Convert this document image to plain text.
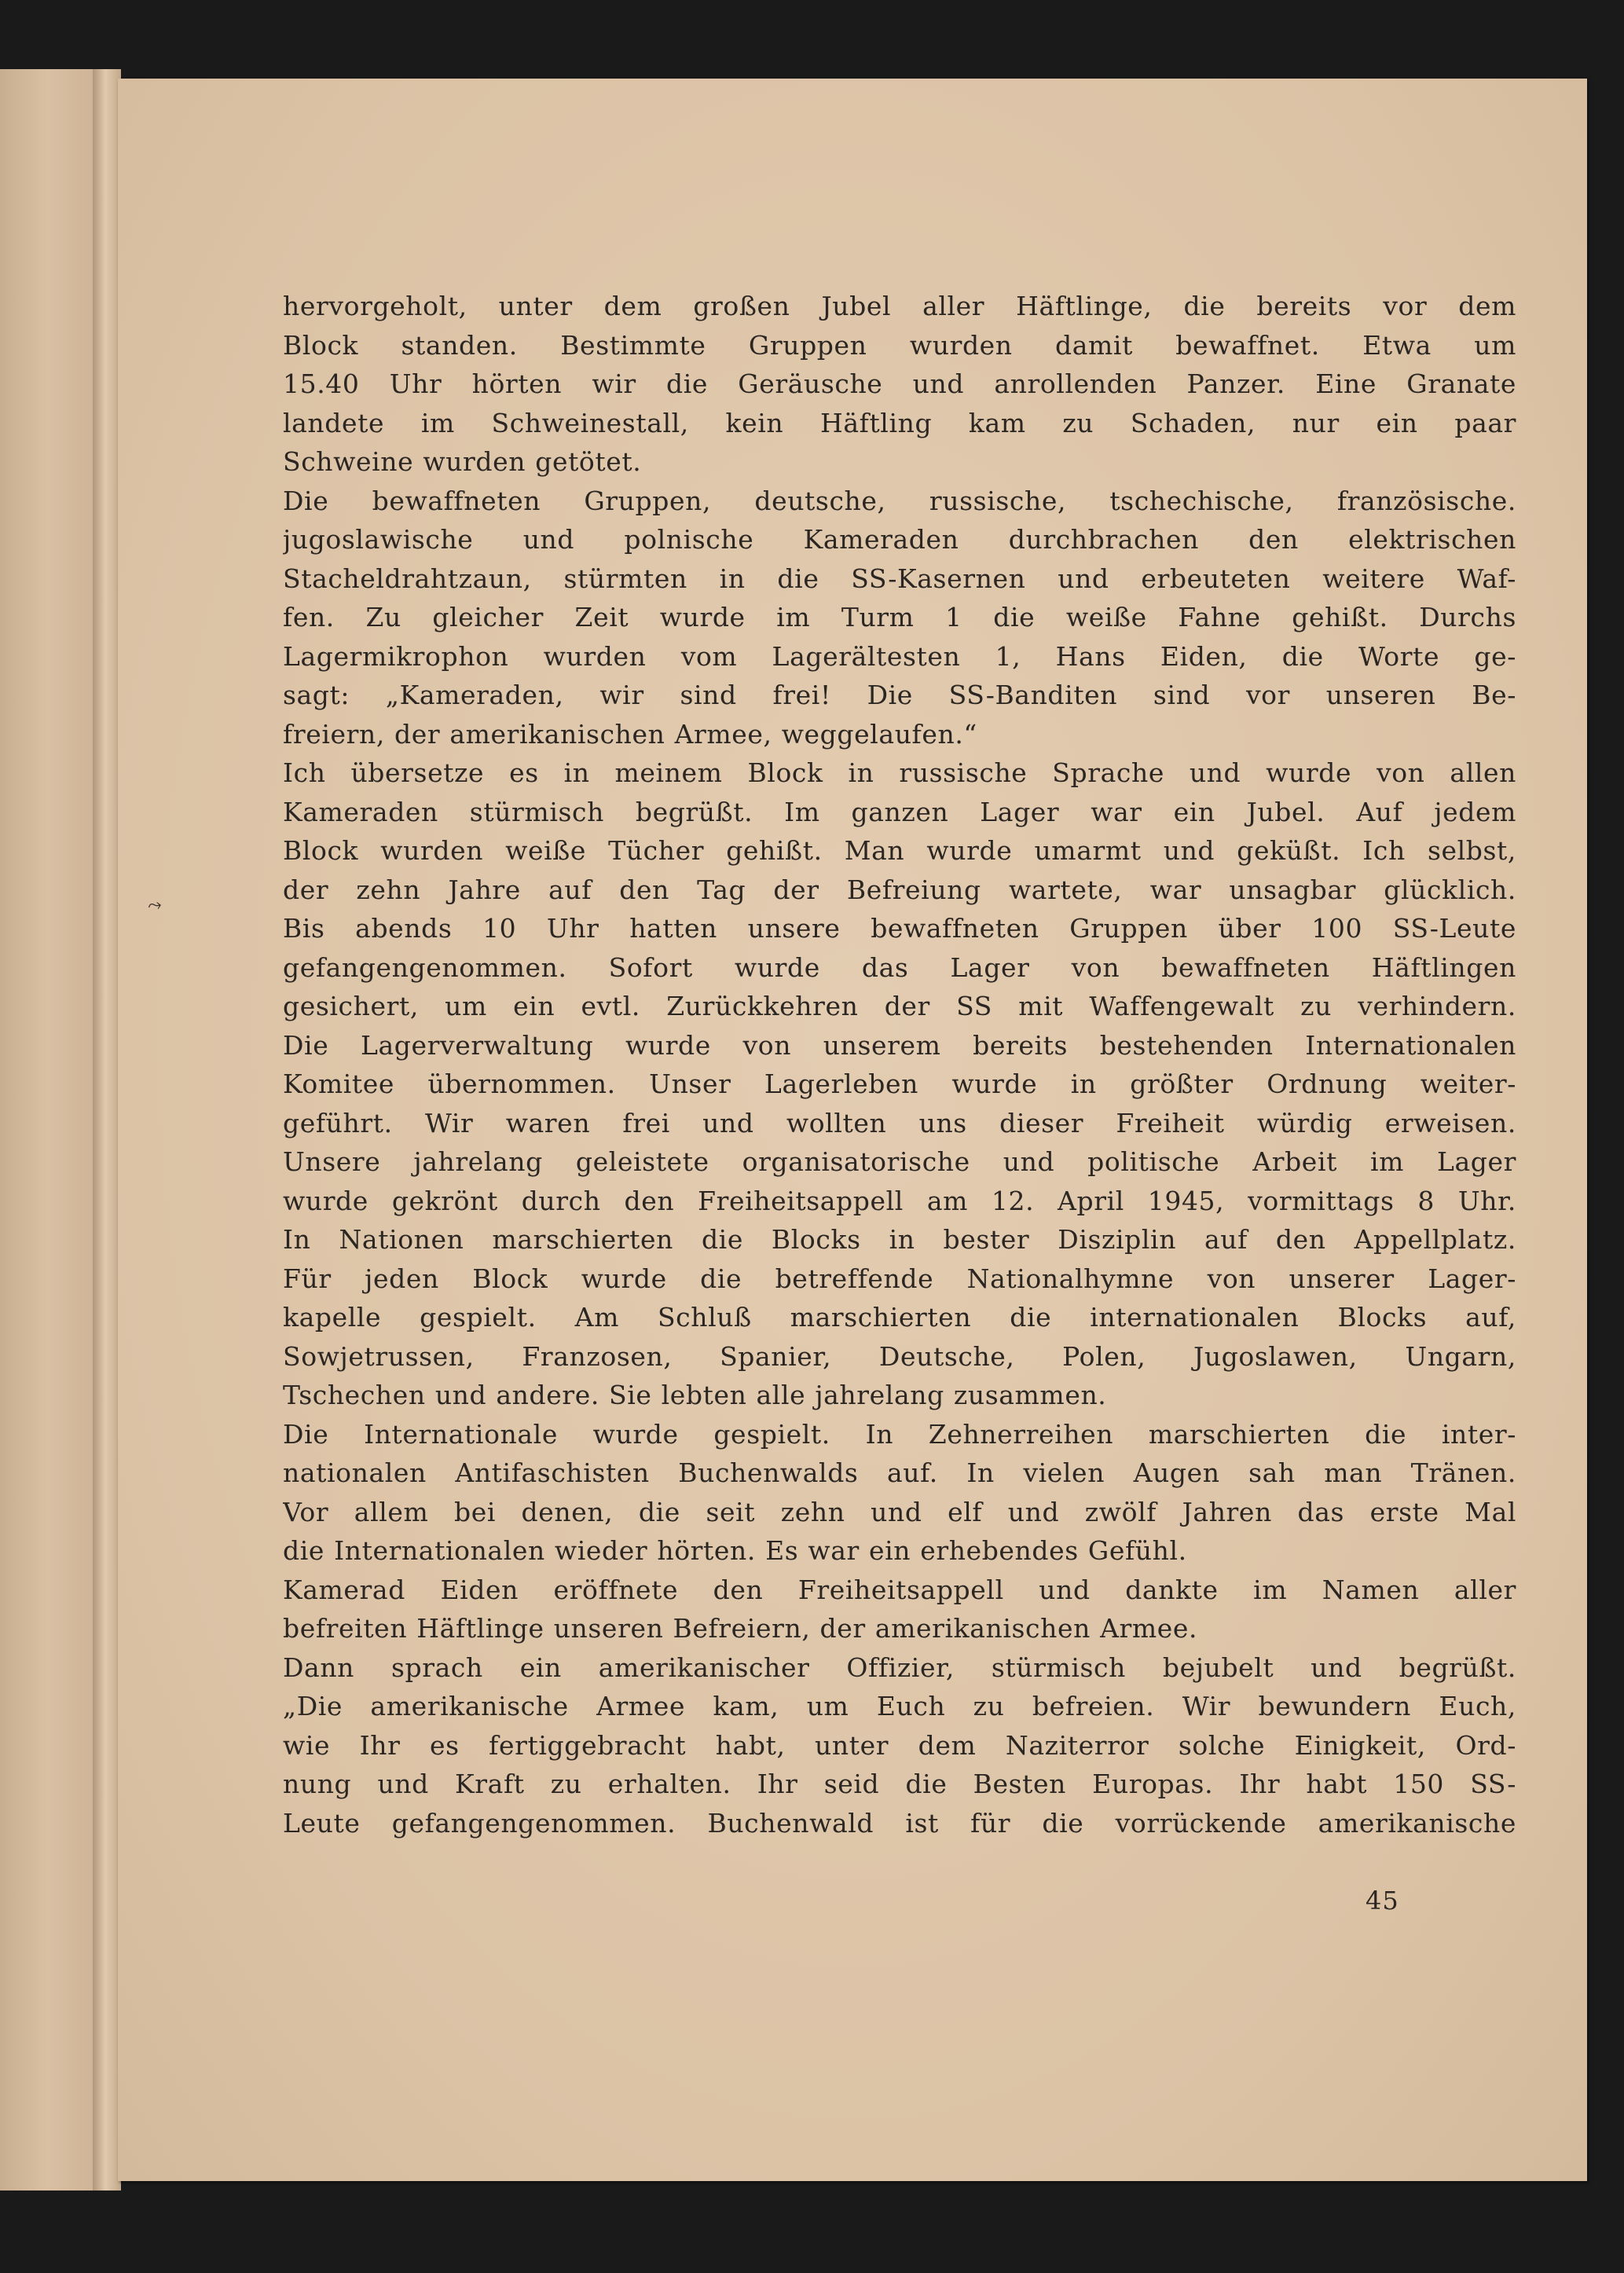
⤳
hervorgeholt, unter dem großen Jubel aller Häftlinge, die bereits vor dem
Block standen. Bestimmte Gruppen wurden damit bewaffnet. Etwa um
15.40 Uhr hörten wir die Geräusche und anrollenden Panzer. Eine Granate
landete im Schweinestall, kein Häftling kam zu Schaden, nur ein paar
Schweine wurden getötet.
Die bewaffneten Gruppen, deutsche, russische, tschechische, französische.
jugoslawische und polnische Kameraden durchbrachen den elektrischen
Stacheldrahtzaun, stürmten in die SS-Kasernen und erbeuteten weitere Waf-
fen. Zu gleicher Zeit wurde im Turm 1 die weiße Fahne gehißt. Durchs
Lagermikrophon wurden vom Lagerältesten 1, Hans Eiden, die Worte ge-
sagt: „Kameraden, wir sind frei! Die SS-Banditen sind vor unseren Be-
freiern, der amerikanischen Armee, weggelaufen.“
Ich übersetze es in meinem Block in russische Sprache und wurde von allen
Kameraden stürmisch begrüßt. Im ganzen Lager war ein Jubel. Auf jedem
Block wurden weiße Tücher gehißt. Man wurde umarmt und geküßt. Ich selbst,
der zehn Jahre auf den Tag der Befreiung wartete, war unsagbar glücklich.
Bis abends 10 Uhr hatten unsere bewaffneten Gruppen über 100 SS-Leute
gefangengenommen. Sofort wurde das Lager von bewaffneten Häftlingen
gesichert, um ein evtl. Zurückkehren der SS mit Waffengewalt zu verhindern.
Die Lagerverwaltung wurde von unserem bereits bestehenden Internationalen
Komitee übernommen. Unser Lagerleben wurde in größter Ordnung weiter-
geführt. Wir waren frei und wollten uns dieser Freiheit würdig erweisen.
Unsere jahrelang geleistete organisatorische und politische Arbeit im Lager
wurde gekrönt durch den Freiheitsappell am 12. April 1945, vormittags 8 Uhr.
In Nationen marschierten die Blocks in bester Disziplin auf den Appellplatz.
Für jeden Block wurde die betreffende Nationalhymne von unserer Lager-
kapelle gespielt. Am Schluß marschierten die internationalen Blocks auf,
Sowjetrussen, Franzosen, Spanier, Deutsche, Polen, Jugoslawen, Ungarn,
Tschechen und andere. Sie lebten alle jahrelang zusammen.
Die Internationale wurde gespielt. In Zehnerreihen marschierten die inter-
nationalen Antifaschisten Buchenwalds auf. In vielen Augen sah man Tränen.
Vor allem bei denen, die seit zehn und elf und zwölf Jahren das erste Mal
die Internationalen wieder hörten. Es war ein erhebendes Gefühl.
Kamerad Eiden eröffnete den Freiheitsappell und dankte im Namen aller
befreiten Häftlinge unseren Befreiern, der amerikanischen Armee.
Dann sprach ein amerikanischer Offizier, stürmisch bejubelt und begrüßt.
„Die amerikanische Armee kam, um Euch zu befreien. Wir bewundern Euch,
wie Ihr es fertiggebracht habt, unter dem Naziterror solche Einigkeit, Ord-
nung und Kraft zu erhalten. Ihr seid die Besten Europas. Ihr habt 150 SS-
Leute gefangengenommen. Buchenwald ist für die vorrückende amerikanische
45
